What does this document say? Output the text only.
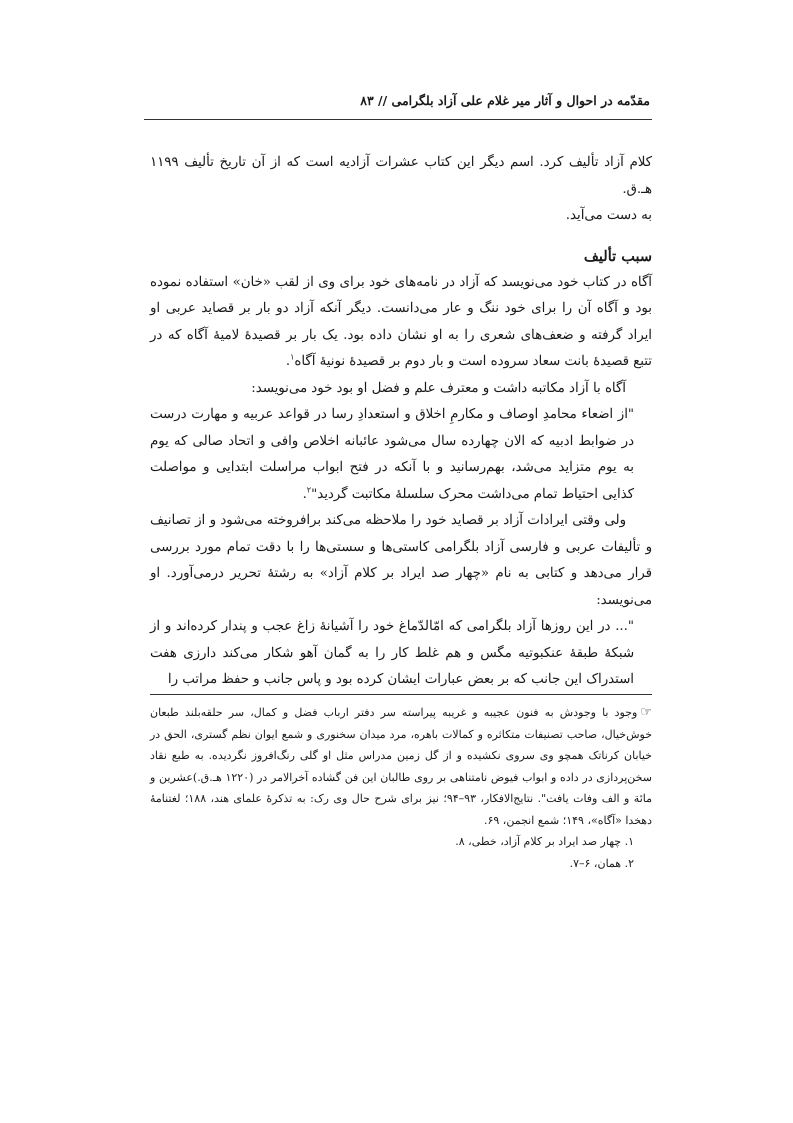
مقدّمه در احوال و آثار میر غلام علی آزاد بلگرامی // ۸۳

کلام آزاد تألیف کرد. اسم دیگر این کتاب عشرات آزادیه است که از آن تاریخ تألیف ۱۱۹۹ هـ.ق.

به دست می‌آید.

سبب تألیف

آگاه در کتاب خود می‌نویسد که آزاد در نامه‌های خود برای وی از لقب «خان» استفاده نموده بود و آگاه آن را برای خود ننگ و عار می‌دانست. دیگر آنکه آزاد دو بار بر قصاید عربی او ایراد گرفته و ضعف‌های شعری را به او نشان داده بود. یک بار بر قصیدهٔ لامیهٔ آگاه که در تتبع قصیدهٔ بانت سعاد سروده است و بار دوم بر قصیدهٔ نونیهٔ آگاه$^۱$.

آگاه با آزاد مکاتبه داشت و معترف علم و فضل او بود خود می‌نویسد:

"از اضعاء محامدِ اوصاف و مکارمِ اخلاق و استعدادِ رسا در قواعد عربیه و مهارت درست در ضوابط ادبیه که الان چهارده سال می‌شود عائبانه اخلاص وافی و اتحاد صالی که یوم به یوم متزاید می‌شد، بهم‌رسانید و با آنکه در فتح ابواب مراسلت ابتدایی و مواصلت کذایی احتیاط تمام می‌داشت محرک سلسلهٔ مکاتبت گردید"$^۲$.

ولی وقتی ایرادات آزاد بر قصاید خود را ملاحظه می‌کند برافروخته می‌شود و از تصانیف و تألیفات عربی و فارسی آزاد بلگرامی کاستی‌ها و سستی‌ها را با دقت تمام مورد بررسی قرار می‌دهد و کتابی به نام «چهار صد ایراد بر کلام آزاد» به رشتهٔ تحریر درمی‌آورد. او می‌نویسد:

"... در این روزها آزاد بلگرامی که امّالدّماغ خود را آشیانهٔ زاغ عجب و پندار کرده‌اند و از شبکهٔ طبقهٔ عنکبوتیه مگس و هم غلط کار را به گمان آهو شکار می‌کند دارزی هفت استدراک این جانب که بر بعض عبارات ایشان کرده بود و پاس جانب و حفظ مراتب را

☞وجود با وجودش به فنون عجیبه و غریبه پیراسته سر دفتر ارباب فضل و کمال، سر حلقه‌بلند طبعان خوش‌خیال، صاحب تصنیفات متکاثره و کمالات باهره، مرد میدان سخنوری و شمع ایوان نظم گستری، الحق در خیابان کرناتک همچو وی سروی نکشیده و از گل زمین مدراس مثل او گلی رنگ‌افروز نگردیده. به طبع نقاد سخن‌پردازی در داده و ابواب فیوض نامتناهی بر روی طالبان این فن گشاده آخرالامر در (۱۲۲۰ هـ.ق.)عشرین و مائة و الف وفات یافت". نتایج‌الافکار، ۹۳–۹۴؛ نیز برای شرح حال وی رک: به تذکرهٔ علمای هند، ۱۸۸؛ لغتنامهٔ دهخدا «آگاه»، ۱۴۹؛ شمع انجمن، ۶۹.

۱. چهار صد ایراد بر کلام آزاد، خطی، ۸.

۲. همان، ۶–۷.
